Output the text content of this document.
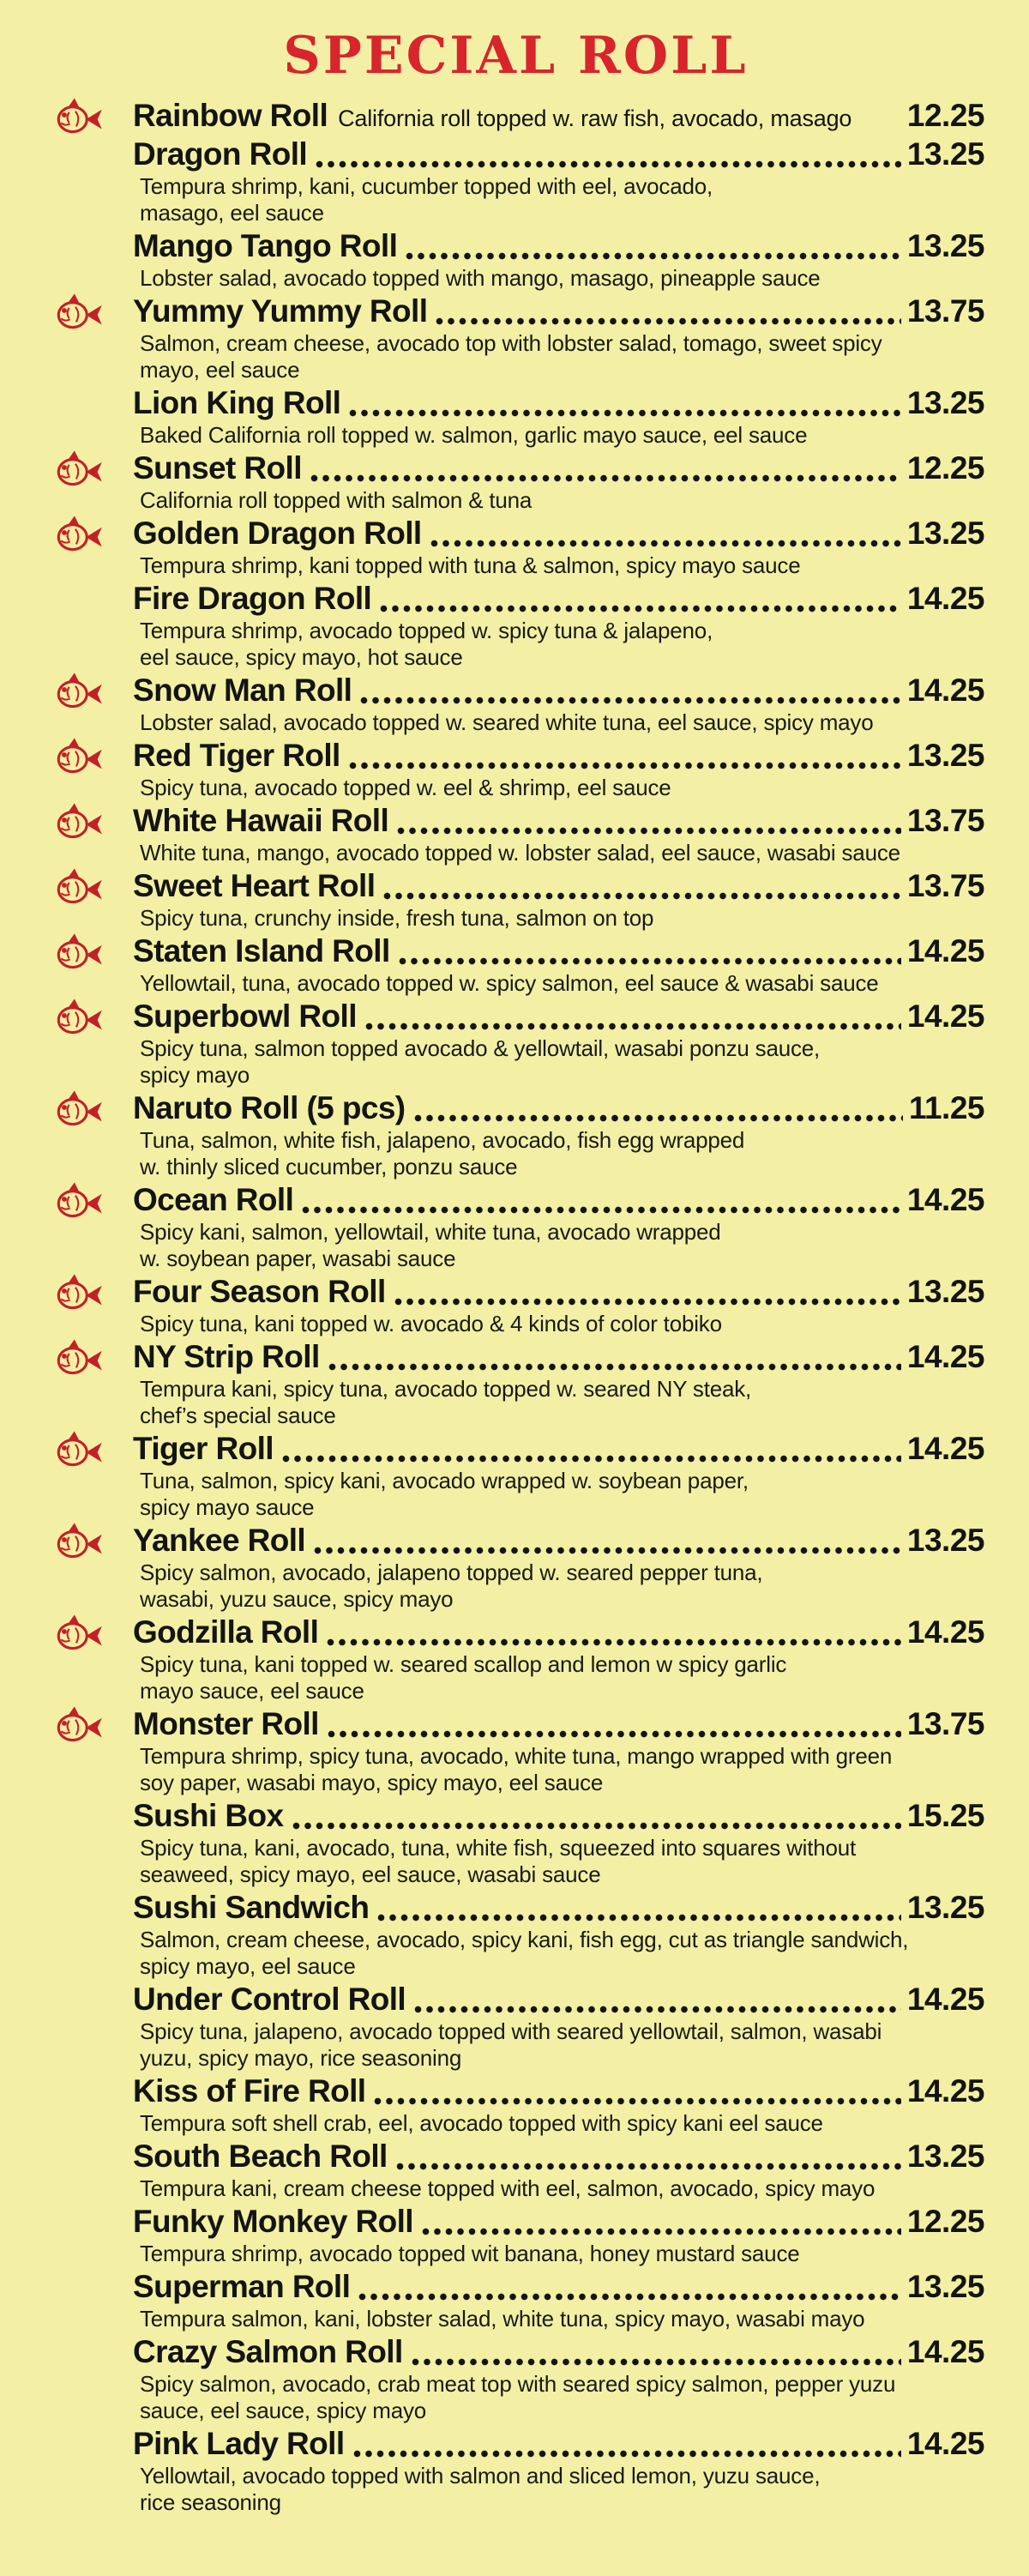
SPECIAL ROLL
Rainbow Roll California roll topped w. raw fish, avocado, masago	12.25
Dragon Roll	13.25
Tempura shrimp, kani, cucumber topped with eel, avocado,
masago, eel sauce
Mango Tango Roll	13.25
Lobster salad, avocado topped with mango, masago, pineapple sauce
Yummy Yummy Roll	13.75
Salmon, cream cheese, avocado top with lobster salad, tomago, sweet spicy
mayo, eel sauce
Lion King Roll	13.25
Baked California roll topped w. salmon, garlic mayo sauce, eel sauce
Sunset Roll	12.25
California roll topped with salmon & tuna
Golden Dragon Roll	13.25
Tempura shrimp, kani topped with tuna & salmon, spicy mayo sauce
Fire Dragon Roll	14.25
Tempura shrimp, avocado topped w. spicy tuna & jalapeno,
eel sauce, spicy mayo, hot sauce
Snow Man Roll	14.25
Lobster salad, avocado topped w. seared white tuna, eel sauce, spicy mayo
Red Tiger Roll	13.25
Spicy tuna, avocado topped w. eel & shrimp, eel sauce
White Hawaii Roll	13.75
White tuna, mango, avocado topped w. lobster salad, eel sauce, wasabi sauce
Sweet Heart Roll	13.75
Spicy tuna, crunchy inside, fresh tuna, salmon on top
Staten Island Roll	14.25
Yellowtail, tuna, avocado topped w. spicy salmon, eel sauce & wasabi sauce
Superbowl Roll	14.25
Spicy tuna, salmon topped avocado & yellowtail, wasabi ponzu sauce,
spicy mayo
Naruto Roll (5 pcs)	11.25
Tuna, salmon, white fish, jalapeno, avocado, fish egg wrapped
w. thinly sliced cucumber, ponzu sauce
Ocean Roll	14.25
Spicy kani, salmon, yellowtail, white tuna, avocado wrapped
w. soybean paper, wasabi sauce
Four Season Roll	13.25
Spicy tuna, kani topped w. avocado & 4 kinds of color tobiko
NY Strip Roll	14.25
Tempura kani, spicy tuna, avocado topped w. seared NY steak,
chef’s special sauce
Tiger Roll	14.25
Tuna, salmon, spicy kani, avocado wrapped w. soybean paper,
spicy mayo sauce
Yankee Roll	13.25
Spicy salmon, avocado, jalapeno topped w. seared pepper tuna,
wasabi, yuzu sauce, spicy mayo
Godzilla Roll	14.25
Spicy tuna, kani topped w. seared scallop and lemon w spicy garlic
mayo sauce, eel sauce
Monster Roll	13.75
Tempura shrimp, spicy tuna, avocado, white tuna, mango wrapped with green
soy paper, wasabi mayo, spicy mayo, eel sauce
Sushi Box	15.25
Spicy tuna, kani, avocado, tuna, white fish, squeezed into squares without
seaweed, spicy mayo, eel sauce, wasabi sauce
Sushi Sandwich	13.25
Salmon, cream cheese, avocado, spicy kani, fish egg, cut as triangle sandwich,
spicy mayo, eel sauce
Under Control Roll	14.25
Spicy tuna, jalapeno, avocado topped with seared yellowtail, salmon, wasabi
yuzu, spicy mayo, rice seasoning
Kiss of Fire Roll	14.25
Tempura soft shell crab, eel, avocado topped with spicy kani eel sauce
South Beach Roll	13.25
Tempura kani, cream cheese topped with eel, salmon, avocado, spicy mayo
Funky Monkey Roll	12.25
Tempura shrimp, avocado topped wit banana, honey mustard sauce
Superman Roll	13.25
Tempura salmon, kani, lobster salad, white tuna, spicy mayo, wasabi mayo
Crazy Salmon Roll	14.25
Spicy salmon, avocado, crab meat top with seared spicy salmon, pepper yuzu
sauce, eel sauce, spicy mayo
Pink Lady Roll	14.25
Yellowtail, avocado topped with salmon and sliced lemon, yuzu sauce,
rice seasoning
